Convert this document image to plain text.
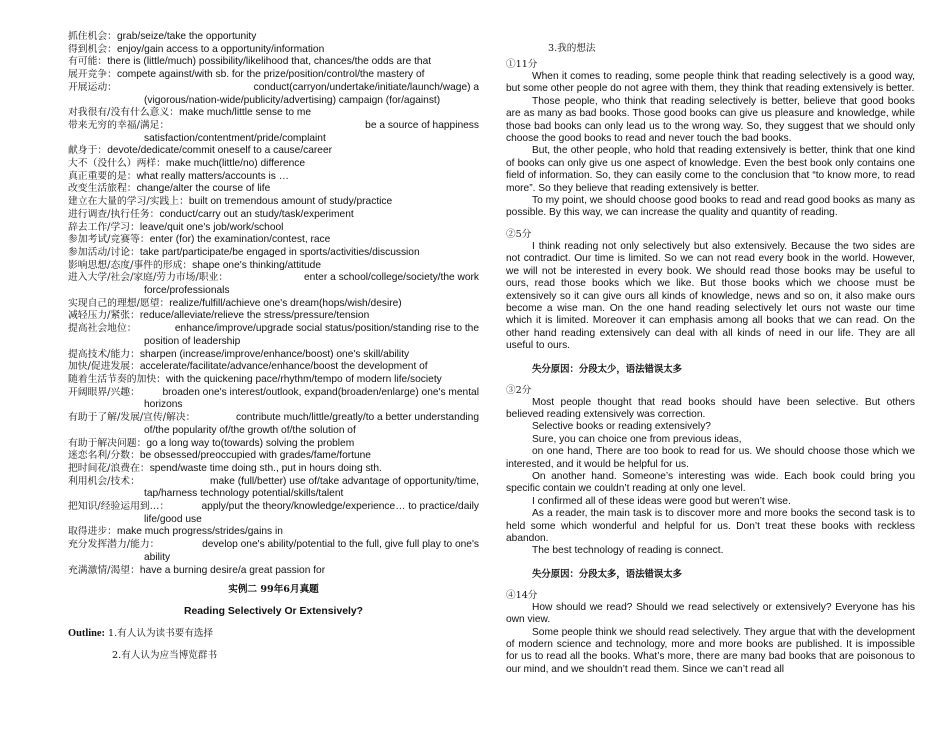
抓住机会： grab/seize/take the opportunity
得到机会： enjoy/gain access to a opportunity/information
有可能： there is (little/much) possibility/likelihood that, chances/the odds are that
展开竞争： compete against/with sb. for the prize/position/control/the mastery of
开展运动：	conduct(carryon/undertake/initiate/launch/wage) a
(vigorous/nation-wide/publicity/advertising) campaign (for/against)
对我很有/没有什么意义： make much/little sense to me
带来无穷的幸福/满足：	be a source of happiness
satisfaction/contentment/pride/complaint
献身于： devote/dedicate/commit oneself to a cause/career
大不（没什么）两样： make much(little/no) difference
真正重要的是： what really matters/accounts is …
改变生活旅程： change/alter the course of life
建立在大量的学习/实践上： built on tremendous amount of study/practice
进行调查/执行任务： conduct/carry out an study/task/experiment
辞去工作/学习： leave/quit one's job/work/school
参加考试/竞赛等： enter (for) the examination/contest, race
参加活动/讨论： take part/participate/be engaged in sports/activities/discussion
影响思想/态度/事件的形成： shape one's thinking/attitude
进入大学/社会/家庭/劳力市场/职业：	enter a school/college/society/the work
force/professionals
实现自己的理想/愿望： realize/fulfill/achieve one's dream(hops/wish/desire)
减轻压力/紧张： reduce/alleviate/relieve the stress/pressure/tension
提高社会地位：	enhance/improve/upgrade social status/position/standing rise to the
position of leadership
提高技术/能力： sharpen (increase/improve/enhance/boost) one's skill/ability
加快/促进发展： accelerate/facilitate/advance/enhance/boost the development of
随着生活节奏的加快： with the quickening pace/rhythm/tempo of modern life/society
开阔眼界/兴趣： broaden one's interest/outlook, expand(broaden/enlarge) one's mental
horizons
有助于了解/发展/宣传/解决：	contribute much/little/greatly/to a better understanding
of/the popularity of/the growth of/the solution of
有助于解决问题： go a long way to(towards) solving the problem
迷恋名利/分数： be obsessed/preoccupied with grades/fame/fortune
把时间花/浪费在： spend/waste time doing sth., put in hours doing sth.
利用机会/技术：	make (full/better) use of/take advantage of opportunity/time,
tap/harness technology potential/skills/talent
把知识/经验运用到…：	apply/put the theory/knowledge/experience… to practice/daily
life/good use
取得进步： make much progress/strides/gains in
充分发挥潜力/能力：	develop one's ability/potential to the full, give full play to one's
ability
充满激情/渴望： have a burning desire/a great passion for
实例二 99年6月真题
Reading Selectively Or Extensively?
Outline: 1.有人认为读书要有选择
2.有人认为应当博览群书
3.我的想法
①11分
When it comes to reading, some people think that reading selectively is a good way, but some other people do not agree with them, they think that reading extensively is better.
Those people, who think that reading selectively is better, believe that good books are as many as bad books. Those good books can give us pleasure and knowledge, while those bad books can only lead us to the wrong way. So, they suggest that we should only choose the good books to read and never touch the bad books.
But, the other people, who hold that reading extensively is better, think that one kind of books can only give us one aspect of knowledge. Even the best book only contains one field of information. So, they can easily come to the conclusion that “to know more, to read more”. So they believe that reading extensively is better.
To my point, we should choose good books to read and read good books as many as possible. By this way, we can increase the quality and quantity of reading.
②5分
I think reading not only selectively but also extensively. Because the two sides are not contradict. Our time is limited. So we can not read every book in the world. However, we will not be interested in every book. We should read those books may be useful to ours, read those books which we like. But those books which we choose must be extensively so it can give ours all kinds of knowledge, news and so on, it also make ours become a wise man. On the one hand reading selectively let ours not waste our time which it is limited. Moreover it can emphasis among all books that we can read. On the other hand reading extensively can deal with all kinds of need in our life. They are all useful to ours.
失分原因：分段太少，语法错误太多
③2分
Most people thought that read books should have been selective. But others believed reading extensively was correction.
Selective books or reading extensively?
Sure, you can choice one from previous ideas,
on one hand, There are too book to read for us. We should choose those which we interested, and it would be helpful for us.
On another hand. Someone’s interesting was wide. Each book could bring you specific contain we couldn’t reading at only one level.
I confirmed all of these ideas were good but weren’t wise.
As a reader, the main task is to discover more and more books the second task is to held some which wonderful and helpful for us. Don’t treat these books with reckless abandon.
The best technology of reading is connect.
失分原因：分段太多，语法错误太多
④14分
How should we read? Should we read selectively or extensively? Everyone has his own view.
Some people think we should read selectively. They argue that with the development of modern science and technology, more and more books are published. It is impossible for us to read all the books. What’s more, there are many bad books that are poisonous to our mind, and we shouldn’t read them. Since we can’t read all
